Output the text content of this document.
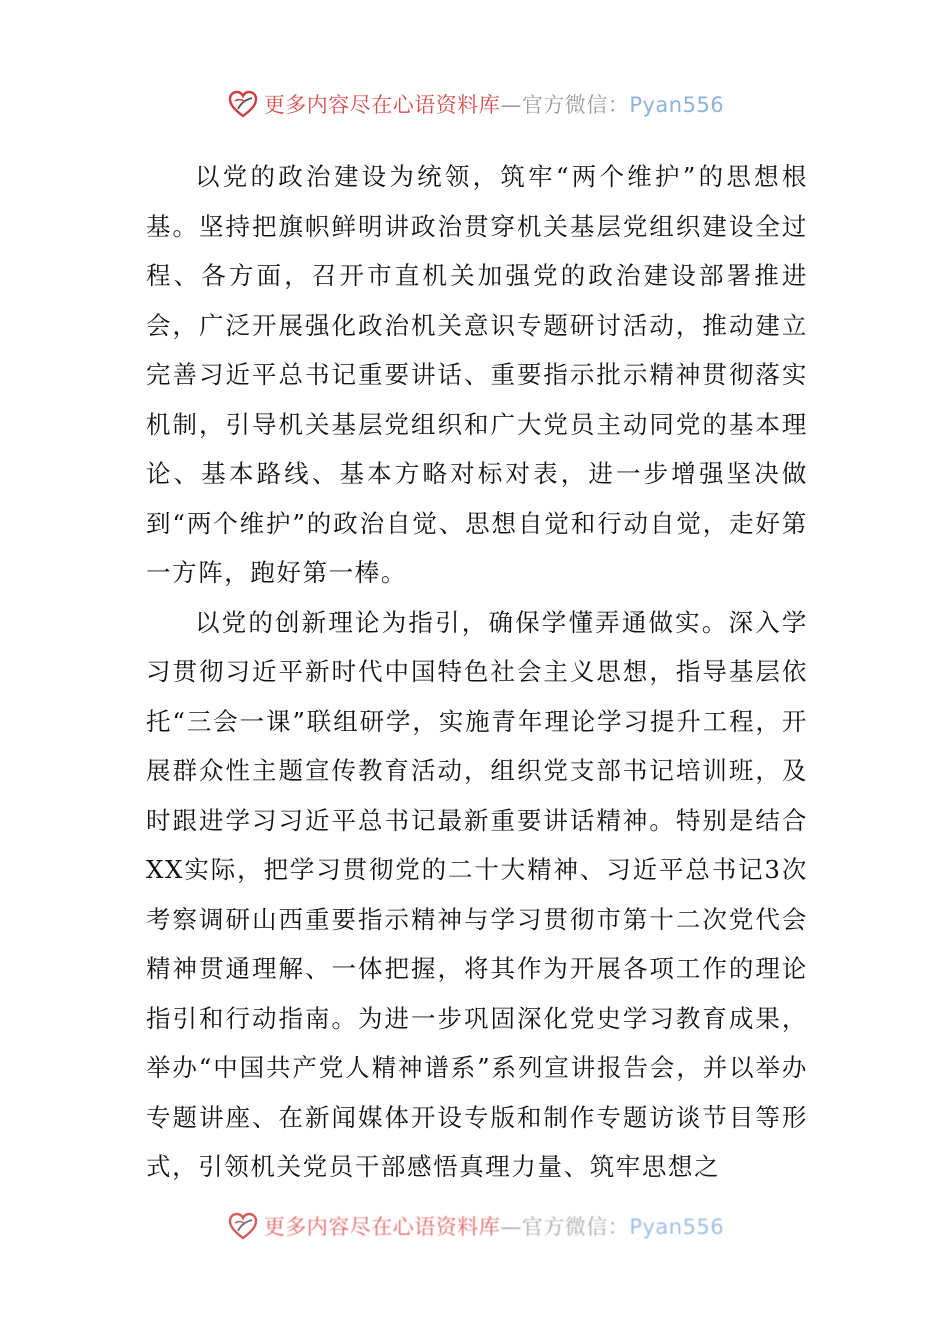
更多内容尽在心语资料库—官方微信：Pyan556

以党的政治建设为统领，筑牢“两个维护”的思想根基。坚持把旗帜鲜明讲政治贯穿机关基层党组织建设全过程、各方面，召开市直机关加强党的政治建设部署推进会，广泛开展强化政治机关意识专题研讨活动，推动建立完善习近平总书记重要讲话、重要指示批示精神贯彻落实机制，引导机关基层党组织和广大党员主动同党的基本理论、基本路线、基本方略对标对表，进一步增强坚决做到“两个维护”的政治自觉、思想自觉和行动自觉，走好第一方阵，跑好第一棒。

以党的创新理论为指引，确保学懂弄通做实。深入学习贯彻习近平新时代中国特色社会主义思想，指导基层依托“三会一课”联组研学，实施青年理论学习提升工程，开展群众性主题宣传教育活动，组织党支部书记培训班，及时跟进学习习近平总书记最新重要讲话精神。特别是结合XX实际，把学习贯彻党的二十大精神、习近平总书记3次考察调研山西重要指示精神与学习贯彻市第十二次党代会精神贯通理解、一体把握，将其作为开展各项工作的理论指引和行动指南。为进一步巩固深化党史学习教育成果，举办“中国共产党人精神谱系”系列宣讲报告会，并以举办专题讲座、在新闻媒体开设专版和制作专题访谈节目等形式，引领机关党员干部感悟真理力量、筑牢思想之

更多内容尽在心语资料库—官方微信：Pyan556
